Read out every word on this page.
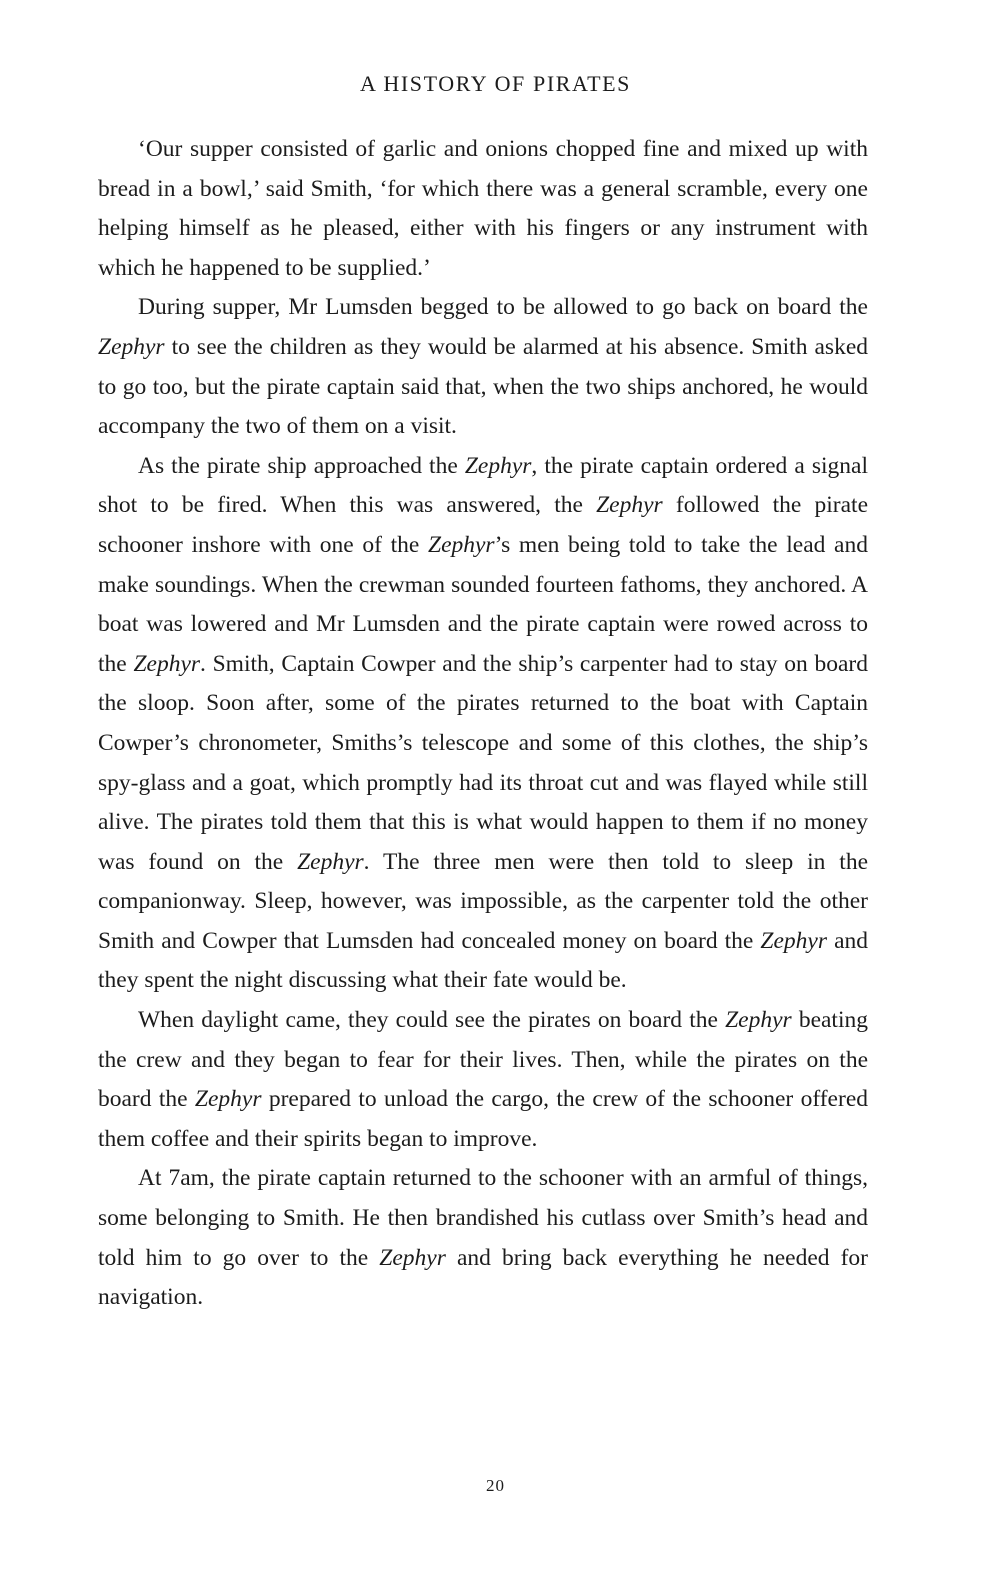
A HISTORY OF PIRATES

‘Our supper consisted of garlic and onions chopped fine and mixed up with bread in a bowl,’ said Smith, ‘for which there was a general scramble, every one helping himself as he pleased, either with his fingers or any instrument with which he happened to be supplied.’

During supper, Mr Lumsden begged to be allowed to go back on board the Zephyr to see the children as they would be alarmed at his absence. Smith asked to go too, but the pirate captain said that, when the two ships anchored, he would accompany the two of them on a visit.

As the pirate ship approached the Zephyr, the pirate captain ordered a signal shot to be fired. When this was answered, the Zephyr followed the pirate schooner inshore with one of the Zephyr’s men being told to take the lead and make soundings. When the crewman sounded fourteen fathoms, they anchored. A boat was lowered and Mr Lumsden and the pirate captain were rowed across to the Zephyr. Smith, Captain Cowper and the ship’s carpenter had to stay on board the sloop. Soon after, some of the pirates returned to the boat with Captain Cowper’s chronometer, Smiths’s telescope and some of this clothes, the ship’s spy-glass and a goat, which promptly had its throat cut and was flayed while still alive. The pirates told them that this is what would happen to them if no money was found on the Zephyr. The three men were then told to sleep in the companionway. Sleep, however, was impossible, as the carpenter told the other Smith and Cowper that Lumsden had concealed money on board the Zephyr and they spent the night discussing what their fate would be.

When daylight came, they could see the pirates on board the Zephyr beating the crew and they began to fear for their lives. Then, while the pirates on the board the Zephyr prepared to unload the cargo, the crew of the schooner offered them coffee and their spirits began to improve.

At 7am, the pirate captain returned to the schooner with an armful of things, some belonging to Smith. He then brandished his cutlass over Smith’s head and told him to go over to the Zephyr and bring back everything he needed for navigation.

20
